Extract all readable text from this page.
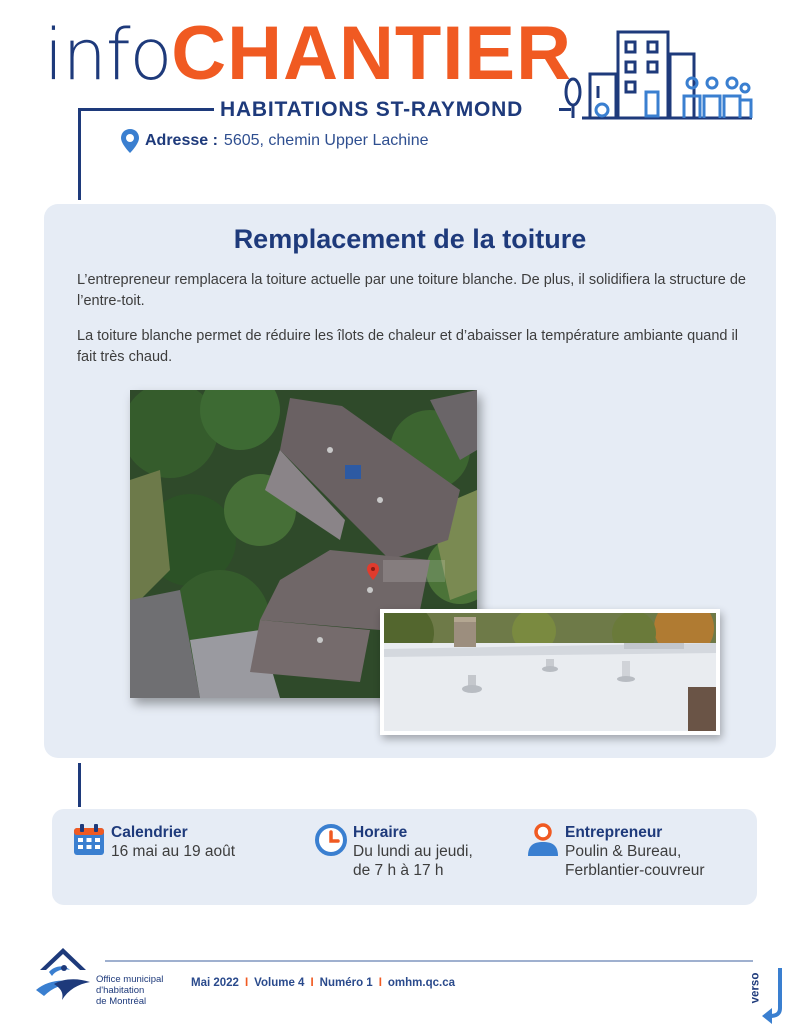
infoCHANTIER
HABITATIONS ST-RAYMOND
Adresse : 5605, chemin Upper Lachine
Remplacement de la toiture

L’entrepreneur remplacera la toiture actuelle par une toiture blanche. De plus, il solidifiera la structure de l’entre-toit.

La toiture blanche permet de réduire les îlots de chaleur et d’abaisser la température ambiante quand il fait très chaud.

Calendrier
16 mai au 19 août
Horaire
Du lundi au jeudi,
de 7 h à 17 h
Entrepreneur
Poulin & Bureau,
Ferblantier-couvreur
Office municipal
d'habitation
de Montréal
Mai 2022 I Volume 4 I Numéro 1 I omhm.qc.ca	verso
